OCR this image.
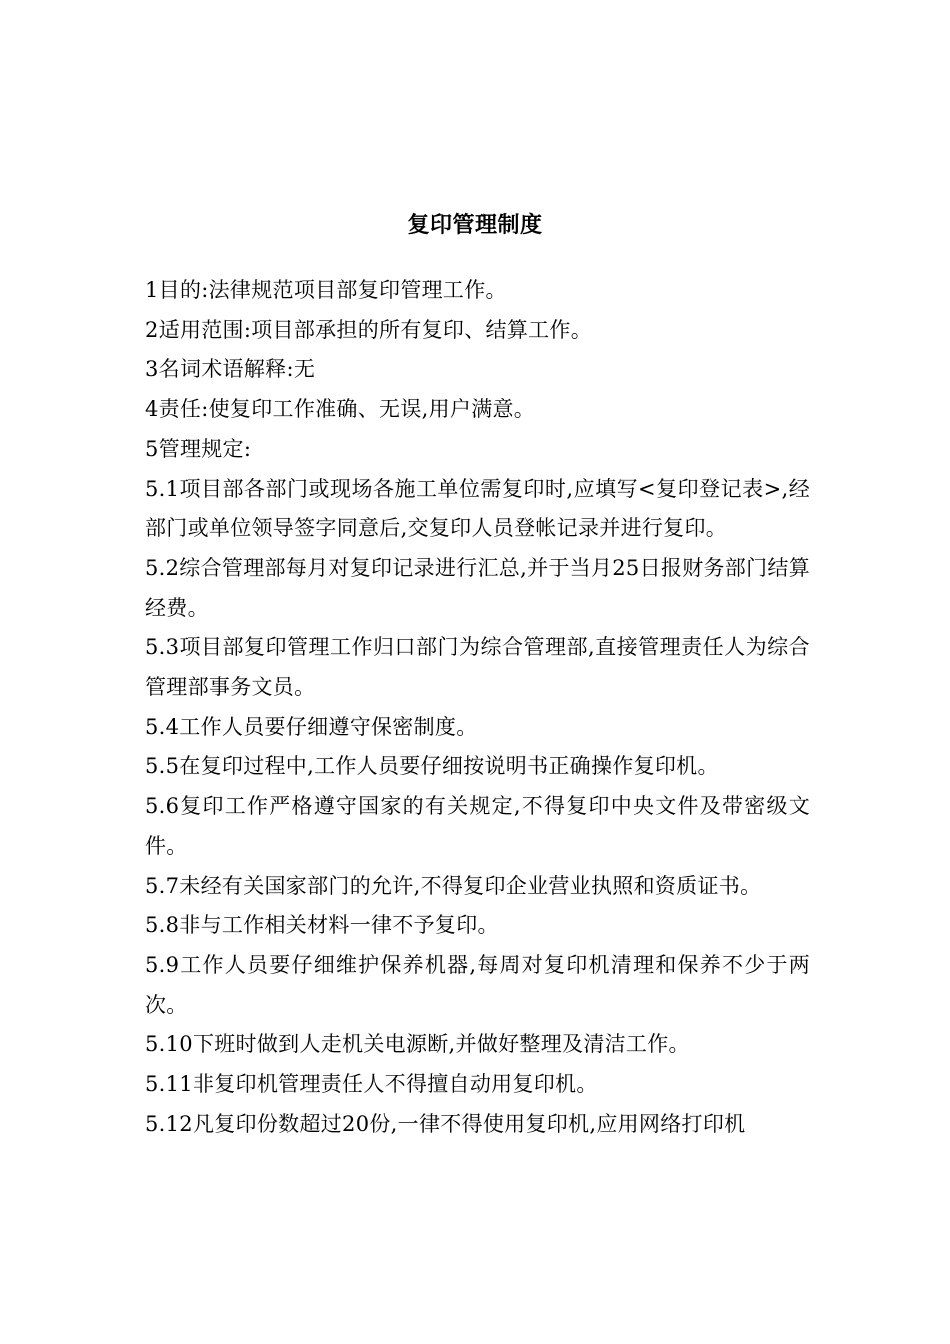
复印管理制度

1目的:法律规范项目部复印管理工作。

2适用范围:项目部承担的所有复印、结算工作。

3名词术语解释:无

4责任:使复印工作准确、无误,用户满意。

5管理规定:

5.1项目部各部门或现场各施工单位需复印时,应填写<复印登记表>,经部门或单位领导签字同意后,交复印人员登帐记录并进行复印。

5.2综合管理部每月对复印记录进行汇总,并于当月25日报财务部门结算经费。

5.3项目部复印管理工作归口部门为综合管理部,直接管理责任人为综合管理部事务文员。

5.4工作人员要仔细遵守保密制度。

5.5在复印过程中,工作人员要仔细按说明书正确操作复印机。

5.6复印工作严格遵守国家的有关规定,不得复印中央文件及带密级文件。

5.7未经有关国家部门的允许,不得复印企业营业执照和资质证书。

5.8非与工作相关材料一律不予复印。

5.9工作人员要仔细维护保养机器,每周对复印机清理和保养不少于两次。

5.10下班时做到人走机关电源断,并做好整理及清洁工作。

5.11非复印机管理责任人不得擅自动用复印机。

5.12凡复印份数超过20份,一律不得使用复印机,应用网络打印机
